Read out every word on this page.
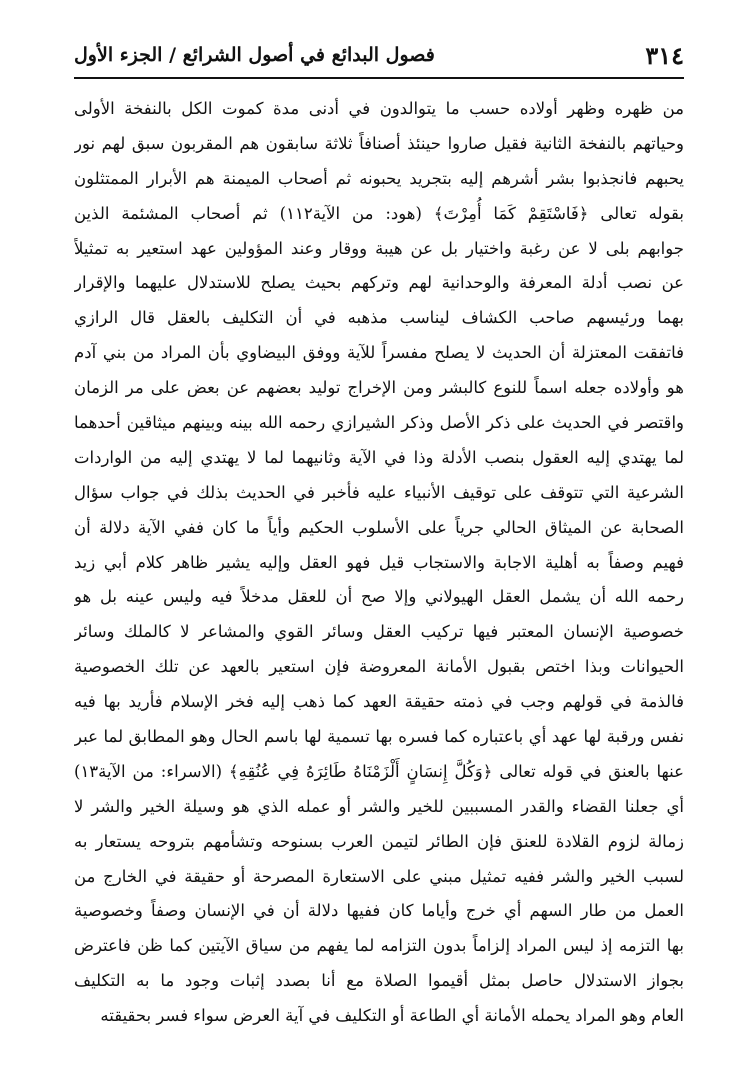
٣١٤
فصول البدائع في أصول الشرائع / الجزء الأول
من ظهره وظهر أولاده حسب ما يتوالدون في أدنى مدة كموت الكل بالنفخة الأولى
وحياتهم بالنفخة الثانية فقيل صاروا حينئذ أصنافاً ثلاثة سابقون هم المقربون سبق لهم نور
يحبهم فانجذبوا بشر أشرهم إليه بتجريد يحبونه ثم أصحاب الميمنة هم الأبرار الممتثلون
بقوله تعالى ﴿فَاسْتَقِمْ كَمَا أُمِرْتَ﴾ (هود: من الآية١١٢) ثم أصحاب المشئمة الذين
جوابهم بلى لا عن رغبة واختيار بل عن هيبة ووقار وعند المؤولين عهد استعير به تمثيلاً
عن نصب أدلة المعرفة والوحدانية لهم وتركهم بحيث يصلح للاستدلال عليهما والإقرار
بهما ورئيسهم صاحب الكشاف ليناسب مذهبه في أن التكليف بالعقل قال الرازي
فاتفقت المعتزلة أن الحديث لا يصلح مفسراً للآية ووفق البيضاوي بأن المراد من بني آدم
هو وأولاده جعله اسماً للنوع كالبشر ومن الإخراج توليد بعضهم عن بعض على مر الزمان
واقتصر في الحديث على ذكر الأصل وذكر الشيرازي رحمه الله بينه وبينهم ميثاقين أحدهما
لما يهتدي إليه العقول بنصب الأدلة وذا في الآية وثانيهما لما لا يهتدي إليه من الواردات
الشرعية التي تتوقف على توقيف الأنبياء عليه فأخبر في الحديث بذلك في جواب سؤال
الصحابة عن الميثاق الحالي جرياً على الأسلوب الحكيم وأياً ما كان ففي الآية دلالة أن
فهيم وصفاً به أهلية الاجابة والاستجاب قيل فهو العقل وإليه يشير ظاهر كلام أبي زيد
رحمه الله أن يشمل العقل الهيولاني وإلا صح أن للعقل مدخلاً فيه وليس عينه بل هو
خصوصية الإنسان المعتبر فيها تركيب العقل وسائر القوي والمشاعر لا كالملك وسائر
الحيوانات وبذا اختص بقبول الأمانة المعروضة فإن استعير بالعهد عن تلك الخصوصية
فالذمة في قولهم وجب في ذمته حقيقة العهد كما ذهب إليه فخر الإسلام فأريد بها فيه
نفس ورقبة لها عهد أي باعتباره كما فسره بها تسمية لها باسم الحال وهو المطابق لما عبر
عنها بالعنق في قوله تعالى ﴿وَكُلَّ إِنسَانٍ أَلْزَمْنَاهُ طَائِرَهُ فِي عُنُقِهِ﴾ (الاسراء: من الآية١٣)
أي جعلنا القضاء والقدر المسببين للخير والشر أو عمله الذي هو وسيلة الخير والشر لا
زمالة لزوم القلادة للعنق فإن الطائر لتيمن العرب بسنوحه وتشأمهم بتروحه يستعار به
لسبب الخير والشر ففيه تمثيل مبني على الاستعارة المصرحة أو حقيقة في الخارج من
العمل من طار السهم أي خرج وأياما كان ففيها دلالة أن في الإنسان وصفاً وخصوصية
بها التزمه إذ ليس المراد إلزاماً بدون التزامه لما يفهم من سياق الآيتين كما ظن فاعترض
بجواز الاستدلال حاصل بمثل أقيموا الصلاة مع أنا بصدد إثبات وجود ما به التكليف
العام وهو المراد يحمله الأمانة أي الطاعة أو التكليف في آية العرض سواء فسر بحقيقته
